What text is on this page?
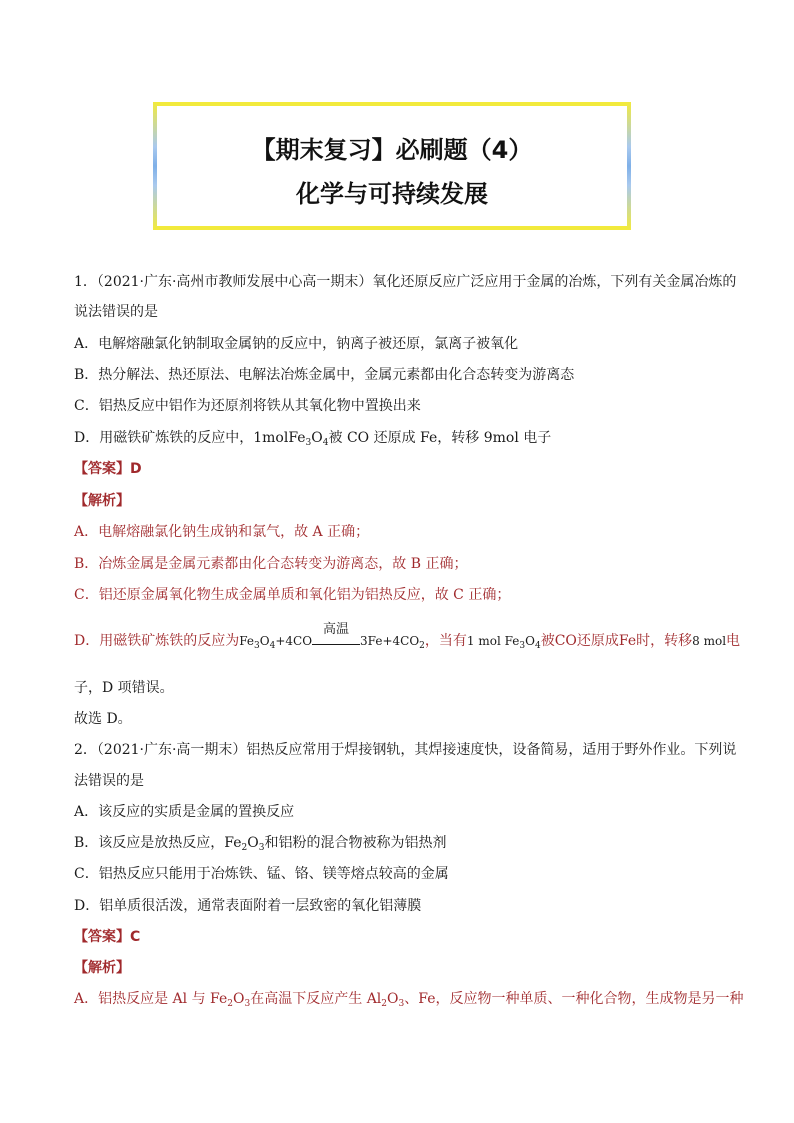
【期末复习】必刷题（4）
化学与可持续发展
1．（2021·广东·高州市教师发展中心高一期末）氧化还原反应广泛应用于金属的冶炼，下列有关金属冶炼的
说法错误的是
A．电解熔融氯化钠制取金属钠的反应中，钠离子被还原，氯离子被氧化
B．热分解法、热还原法、电解法冶炼金属中，金属元素都由化合态转变为游离态
C．铝热反应中铝作为还原剂将铁从其氧化物中置换出来
D．用磁铁矿炼铁的反应中，$1molFe_3O_4$被 CO 还原成 Fe，转移 9mol 电子
【答案】D
【解析】
A．电解熔融氯化钠生成钠和氯气，故 A 正确；
B．冶炼金属是金属元素都由化合态转变为游离态，故 B 正确；
C．铝还原金属氧化物生成金属单质和氧化铝为铝热反应，故 C 正确；
D．用磁铁矿炼铁的反应为$Fe_3O_4+4CO$
高温
$3Fe+4CO_2$，当有1 mol $Fe_3O_4$被CO还原成Fe时，转移8 mol电
子，D 项错误。
故选 D。
2．（2021·广东·高一期末）铝热反应常用于焊接钢轨，其焊接速度快，设备简易，适用于野外作业。下列说
法错误的是
A．该反应的实质是金属的置换反应
B．该反应是放热反应，$Fe_2O_3$和铝粉的混合物被称为铝热剂
C．铝热反应只能用于冶炼铁、锰、铬、镁等熔点较高的金属
D．铝单质很活泼，通常表面附着一层致密的氧化铝薄膜
【答案】C
【解析】
A．铝热反应是 Al 与 $Fe_2O_3$在高温下反应产生 $Al_2O_3$、Fe，反应物一种单质、一种化合物，生成物是另一种
